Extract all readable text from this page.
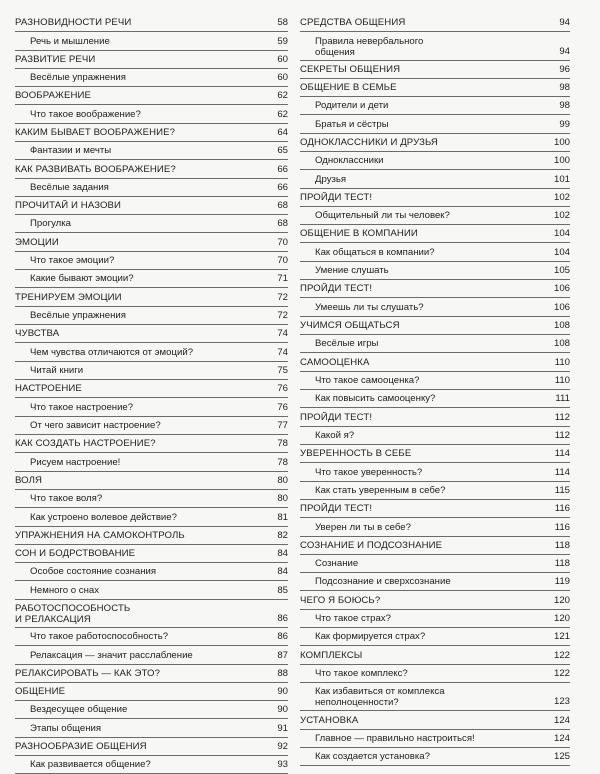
РАЗНОВИДНОСТИ РЕЧИ	58
Речь и мышление	59
РАЗВИТИЕ РЕЧИ	60
Весёлые упражнения	60
ВООБРАЖЕНИЕ	62
Что такое воображение?	62
КАКИМ БЫВАЕТ ВООБРАЖЕНИЕ?	64
Фантазии и мечты	65
КАК РАЗВИВАТЬ ВООБРАЖЕНИЕ?	66
Весёлые задания	66
ПРОЧИТАЙ И НАЗОВИ	68
Прогулка	68
ЭМОЦИИ	70
Что такое эмоции?	70
Какие бывают эмоции?	71
ТРЕНИРУЕМ ЭМОЦИИ	72
Весёлые упражнения	72
ЧУВСТВА	74
Чем чувства отличаются от эмоций?	74
Читай книги	75
НАСТРОЕНИЕ	76
Что такое настроение?	76
От чего зависит настроение?	77
КАК СОЗДАТЬ НАСТРОЕНИЕ?	78
Рисуем настроение!	78
ВОЛЯ	80
Что такое воля?	80
Как устроено волевое действие?	81
УПРАЖНЕНИЯ НА САМОКОНТРОЛЬ	82
СОН И БОДРСТВОВАНИЕ	84
Особое состояние сознания	84
Немного о снах	85
РАБОТОСПОСОБНОСТЬ
И РЕЛАКСАЦИЯ	86
Что такое работоспособность?	86
Релаксация — значит расслабление	87
РЕЛАКСИРОВАТЬ — КАК ЭТО?	88
ОБЩЕНИЕ	90
Вездесущее общение	90
Этапы общения	91
РАЗНООБРАЗИЕ ОБЩЕНИЯ	92
Как развивается общение?	93
СРЕДСТВА ОБЩЕНИЯ	94
Правила невербального
общения	94
СЕКРЕТЫ ОБЩЕНИЯ	96
ОБЩЕНИЕ В СЕМЬЕ	98
Родители и дети	98
Братья и сёстры	99
ОДНОКЛАССНИКИ И ДРУЗЬЯ	100
Одноклассники	100
Друзья	101
ПРОЙДИ ТЕСТ!	102
Общительный ли ты человек?	102
ОБЩЕНИЕ В КОМПАНИИ	104
Как общаться в компании?	104
Умение слушать	105
ПРОЙДИ ТЕСТ!	106
Умеешь ли ты слушать?	106
УЧИМСЯ ОБЩАТЬСЯ	108
Весёлые игры	108
САМООЦЕНКА	110
Что такое самооценка?	110
Как повысить самооценку?	111
ПРОЙДИ ТЕСТ!	112
Какой я?	112
УВЕРЕННОСТЬ В СЕБЕ	114
Что такое уверенность?	114
Как стать уверенным в себе?	115
ПРОЙДИ ТЕСТ!	116
Уверен ли ты в себе?	116
СОЗНАНИЕ И ПОДСОЗНАНИЕ	118
Сознание	118
Подсознание и сверхсознание	119
ЧЕГО Я БОЮСЬ?	120
Что такое страх?	120
Как формируется страх?	121
КОМПЛЕКСЫ	122
Что такое комплекс?	122
Как избавиться от комплекса
неполноценности?	123
УСТАНОВКА	124
Главное — правильно настроиться!	124
Как создается установка?	125
